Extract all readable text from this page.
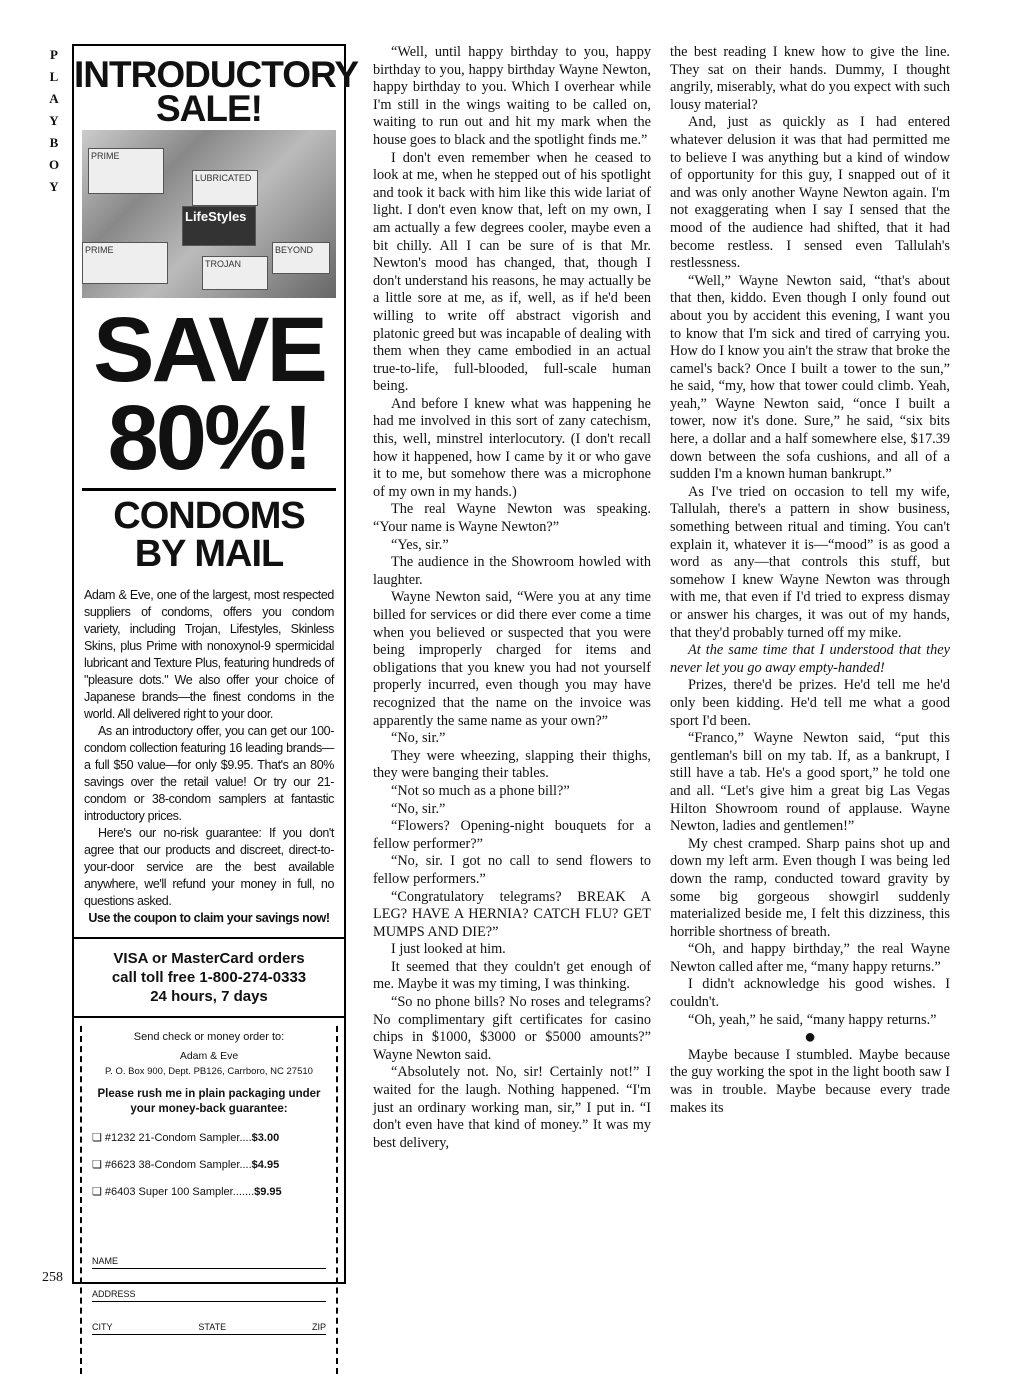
P
L
A
Y
B
O
Y
258
INTRODUCTORY
SALE!
PRIME
LUBRICATED
LifeStyles
PRIME
TROJAN
BEYOND
SAVE
80%!
CONDOMS
BY MAIL

Adam & Eve, one of the largest, most respected suppliers of condoms, offers you condom variety, including Trojan, Lifestyles, Skinless Skins, plus Prime with nonoxynol-9 spermicidal lubricant and Texture Plus, featuring hundreds of "pleasure dots." We also offer your choice of Japanese brands—the finest condoms in the world. All delivered right to your door.

As an introductory offer, you can get our 100-condom collection featuring 16 leading brands—a full $50 value—for only $9.95. That's an 80% savings over the retail value! Or try our 21-condom or 38-condom samplers at fantastic introductory prices.

Here's our no-risk guarantee: If you don't agree that our products and discreet, direct-to-your-door service are the best available anywhere, we'll refund your money in full, no questions asked.

Use the coupon to claim your savings now!
VISA or MasterCard orders
call toll free 1-800-274-0333
24 hours, 7 days
Send check or money order to:
Adam & Eve
P. O. Box 900, Dept. PB126, Carrboro, NC 27510
Please rush me in plain packaging under your money-back guarantee:
❏ #1232 21-Condom Sampler....$3.00
❏ #6623 38-Condom Sampler....$4.95
❏ #6403 Super 100 Sampler.......$9.95
NAME
ADDRESS
CITY	STATE	ZIP

“Well, until happy birthday to you, happy birthday to you, happy birthday Wayne Newton, happy birthday to you. Which I overhear while I'm still in the wings waiting to be called on, waiting to run out and hit my mark when the house goes to black and the spotlight finds me.”

I don't even remember when he ceased to look at me, when he stepped out of his spotlight and took it back with him like this wide lariat of light. I don't even know that, left on my own, I am actually a few degrees cooler, maybe even a bit chilly. All I can be sure of is that Mr. Newton's mood has changed, that, though I don't understand his reasons, he may actually be a little sore at me, as if, well, as if he'd been willing to write off abstract vigorish and platonic greed but was incapable of dealing with them when they came embodied in an actual true-to-life, full-blooded, full-scale human being.

And before I knew what was happening he had me involved in this sort of zany catechism, this, well, minstrel interlocutory. (I don't recall how it happened, how I came by it or who gave it to me, but somehow there was a microphone of my own in my hands.)

The real Wayne Newton was speaking. “Your name is Wayne Newton?”

“Yes, sir.”

The audience in the Showroom howled with laughter.

Wayne Newton said, “Were you at any time billed for services or did there ever come a time when you believed or suspected that you were being improperly charged for items and obligations that you knew you had not yourself properly incurred, even though you may have recognized that the name on the invoice was apparently the same name as your own?”

“No, sir.”

They were wheezing, slapping their thighs, they were banging their tables.

“Not so much as a phone bill?”

“No, sir.”

“Flowers? Opening-night bouquets for a fellow performer?”

“No, sir. I got no call to send flowers to fellow performers.”

“Congratulatory telegrams? BREAK A LEG? HAVE A HERNIA? CATCH FLU? GET MUMPS AND DIE?”

I just looked at him.

It seemed that they couldn't get enough of me. Maybe it was my timing, I was thinking.

“So no phone bills? No roses and telegrams? No complimentary gift certificates for casino chips in $1000, $3000 or $5000 amounts?” Wayne Newton said.

“Absolutely not. No, sir! Certainly not!” I waited for the laugh. Nothing happened. “I'm just an ordinary working man, sir,” I put in. “I don't even have that kind of money.” It was my best delivery,

the best reading I knew how to give the line. They sat on their hands. Dummy, I thought angrily, miserably, what do you expect with such lousy material?

And, just as quickly as I had entered whatever delusion it was that had permitted me to believe I was anything but a kind of window of opportunity for this guy, I snapped out of it and was only another Wayne Newton again. I'm not exaggerating when I say I sensed that the mood of the audience had shifted, that it had become restless. I sensed even Tallulah's restlessness.

“Well,” Wayne Newton said, “that's about that then, kiddo. Even though I only found out about you by accident this evening, I want you to know that I'm sick and tired of carrying you. How do I know you ain't the straw that broke the camel's back? Once I built a tower to the sun,” he said, “my, how that tower could climb. Yeah, yeah,” Wayne Newton said, “once I built a tower, now it's done. Sure,” he said, “six bits here, a dollar and a half somewhere else, $17.39 down between the sofa cushions, and all of a sudden I'm a known human bankrupt.”

As I've tried on occasion to tell my wife, Tallulah, there's a pattern in show business, something between ritual and timing. You can't explain it, whatever it is—“mood” is as good a word as any—that controls this stuff, but somehow I knew Wayne Newton was through with me, that even if I'd tried to express dismay or answer his charges, it was out of my hands, that they'd probably turned off my mike.

At the same time that I understood that they never let you go away empty-handed!

Prizes, there'd be prizes. He'd tell me he'd only been kidding. He'd tell me what a good sport I'd been.

“Franco,” Wayne Newton said, “put this gentleman's bill on my tab. If, as a bankrupt, I still have a tab. He's a good sport,” he told one and all. “Let's give him a great big Las Vegas Hilton Showroom round of applause. Wayne Newton, ladies and gentlemen!”

My chest cramped. Sharp pains shot up and down my left arm. Even though I was being led down the ramp, conducted toward gravity by some big gorgeous showgirl suddenly materialized beside me, I felt this dizziness, this horrible shortness of breath.

“Oh, and happy birthday,” the real Wayne Newton called after me, “many happy returns.”

I didn't acknowledge his good wishes. I couldn't.

“Oh, yeah,” he said, “many happy returns.”

●

Maybe because I stumbled. Maybe because the guy working the spot in the light booth saw I was in trouble. Maybe because every trade makes its
